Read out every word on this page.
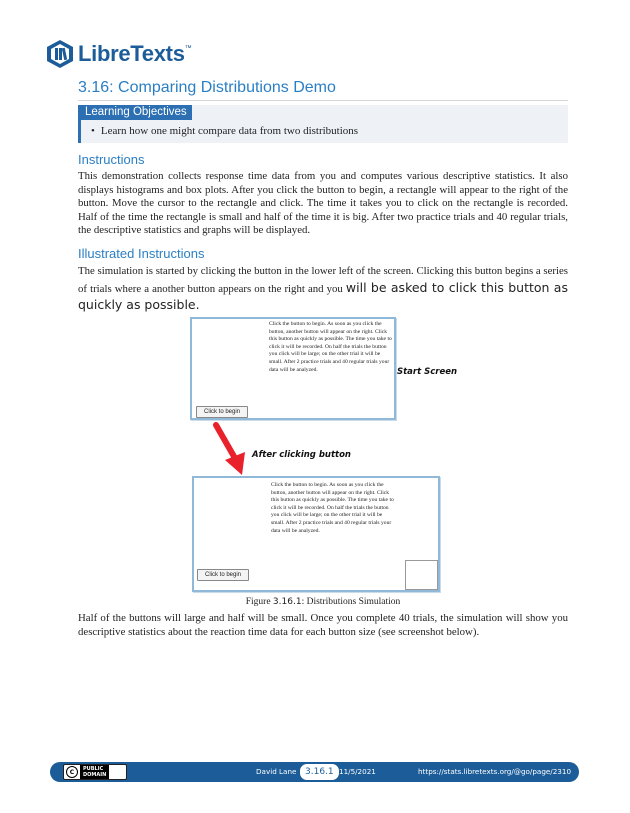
LibreTexts™
3.16: Comparing Distributions Demo
Learning Objectives
• Learn how one might compare data from two distributions
Instructions
This demonstration collects response time data from you and computes various descriptive statistics. It also displays histograms and box plots. After you click the button to begin, a rectangle will appear to the right of the button. Move the cursor to the rectangle and click. The time it takes you to click on the rectangle is recorded. Half of the time the rectangle is small and half of the time it is big. After two practice trials and 40 regular trials, the descriptive statistics and graphs will be displayed.
Illustrated Instructions
The simulation is started by clicking the button in the lower left of the screen. Clicking this button begins a series of trials where a another button appears on the right and you will be asked to click this button as quickly as possible.
Click the button to begin. As soon as you click the button, another button will appear on the right. Click this button as quickly as possible. The time you take to click it will be recorded. On half the trials the button you click will be large; on the other trial it will be small. After 2 practice trials and 40 regular trials your data will be analyzed.
Click to begin
Start Screen
After clicking button
Click the button to begin. As soon as you click the button, another button will appear on the right. Click this button as quickly as possible. The time you take to click it will be recorded. On half the trials the button you click will be large; on the other trial it will be small. After 2 practice trials and 40 regular trials your data will be analyzed.
Click to begin
Figure 3.16.1: Distributions Simulation
Half of the buttons will large and half will be small. Once you complete 40 trials, the simulation will show you descriptive statistics about the reaction time data for each button size (see screenshot below).
C	PUBLIC
DOMAIN	David Lane 3.16.1 11/5/2021	https://stats.libretexts.org/@go/page/2310
